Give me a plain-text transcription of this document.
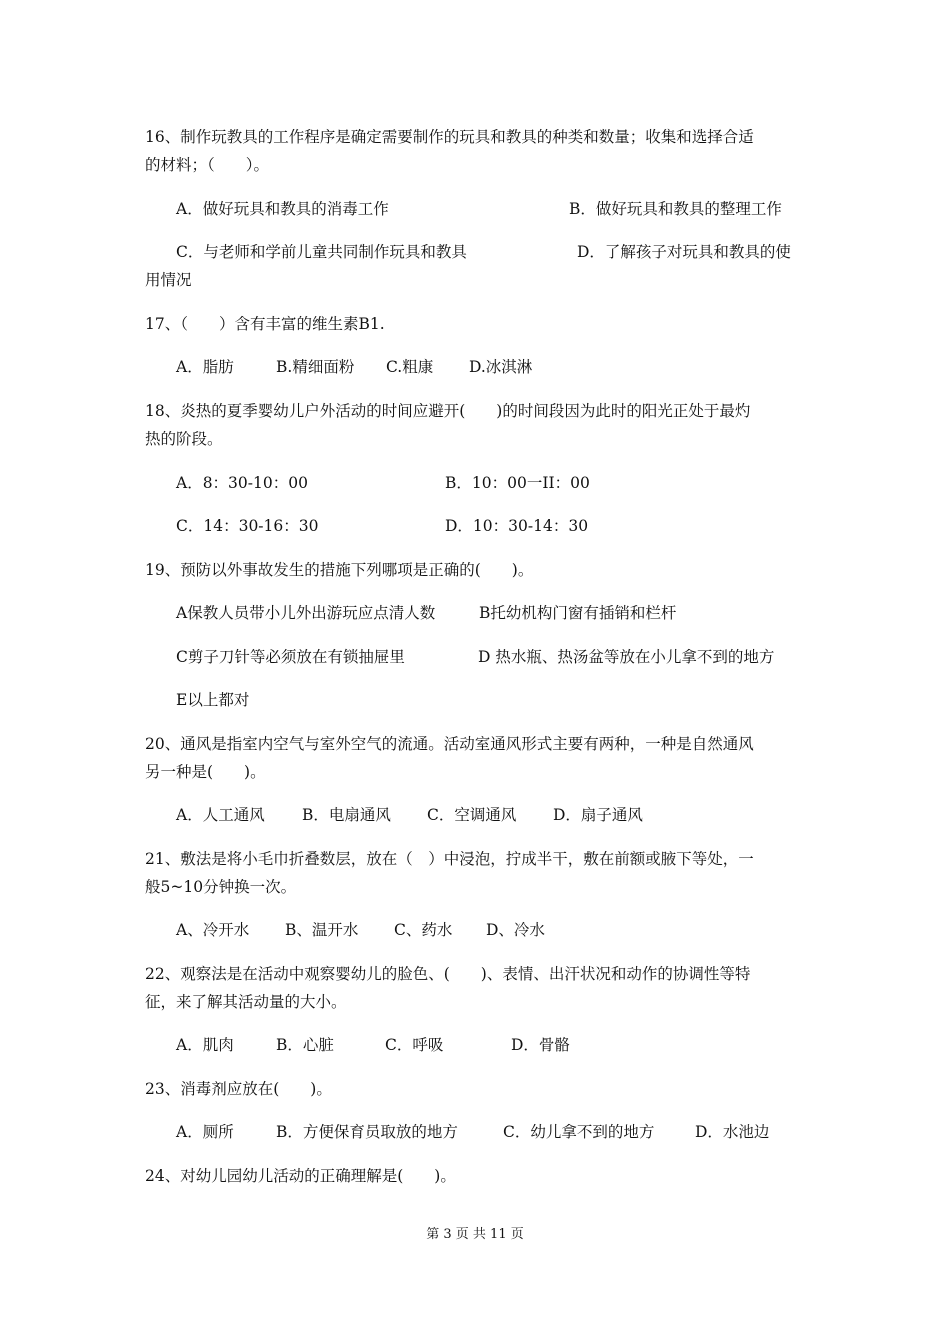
16、制作玩教具的工作程序是确定需要制作的玩具和教具的种类和数量；收集和选择合适
的材料；（　　）。
A．做好玩具和教具的消毒工作	B．做好玩具和教具的整理工作
C．与老师和学前儿童共同制作玩具和教具	D．了解孩子对玩具和教具的使
用情况
17、（　　）含有丰富的维生素B1.
A．脂肪	B.精细面粉 C.粗康 D.冰淇淋
18、炎热的夏季婴幼儿户外活动的时间应避开(　　)的时间段因为此时的阳光正处于最灼
热的阶段。
A．8：30-10：00	B．10：00一II：00
C．14：30-16：30	D．10：30-14：30
19、预防以外事故发生的措施下列哪项是正确的(　　)。
A保教人员带小儿外出游玩应点清人数	B托幼机构门窗有插销和栏杆
C剪子刀针等必须放在有锁抽屉里	D 热水瓶、热汤盆等放在小儿拿不到的地方
E以上都对
20、通风是指室内空气与室外空气的流通。活动室通风形式主要有两种，一种是自然通风
另一种是(　　)。
A．人工通风 B．电扇通风 C．空调通风 D．扇子通风
21、敷法是将小毛巾折叠数层，放在（　）中浸泡，拧成半干，敷在前额或腋下等处，一
般5~10分钟换一次。
A、冷开水 B、温开水 C、药水 D、冷水
22、观察法是在活动中观察婴幼儿的脸色、(　　)、表情、出汗状况和动作的协调性等特
征，来了解其活动量的大小。
A．肌肉	B．心脏	C．呼吸	D．骨骼
23、消毒剂应放在(　　)。
A．厕所	B．方便保育员取放的地方	C．幼儿拿不到的地方	D．水池边
24、对幼儿园幼儿活动的正确理解是(　　)。
第 3 页 共 11 页
